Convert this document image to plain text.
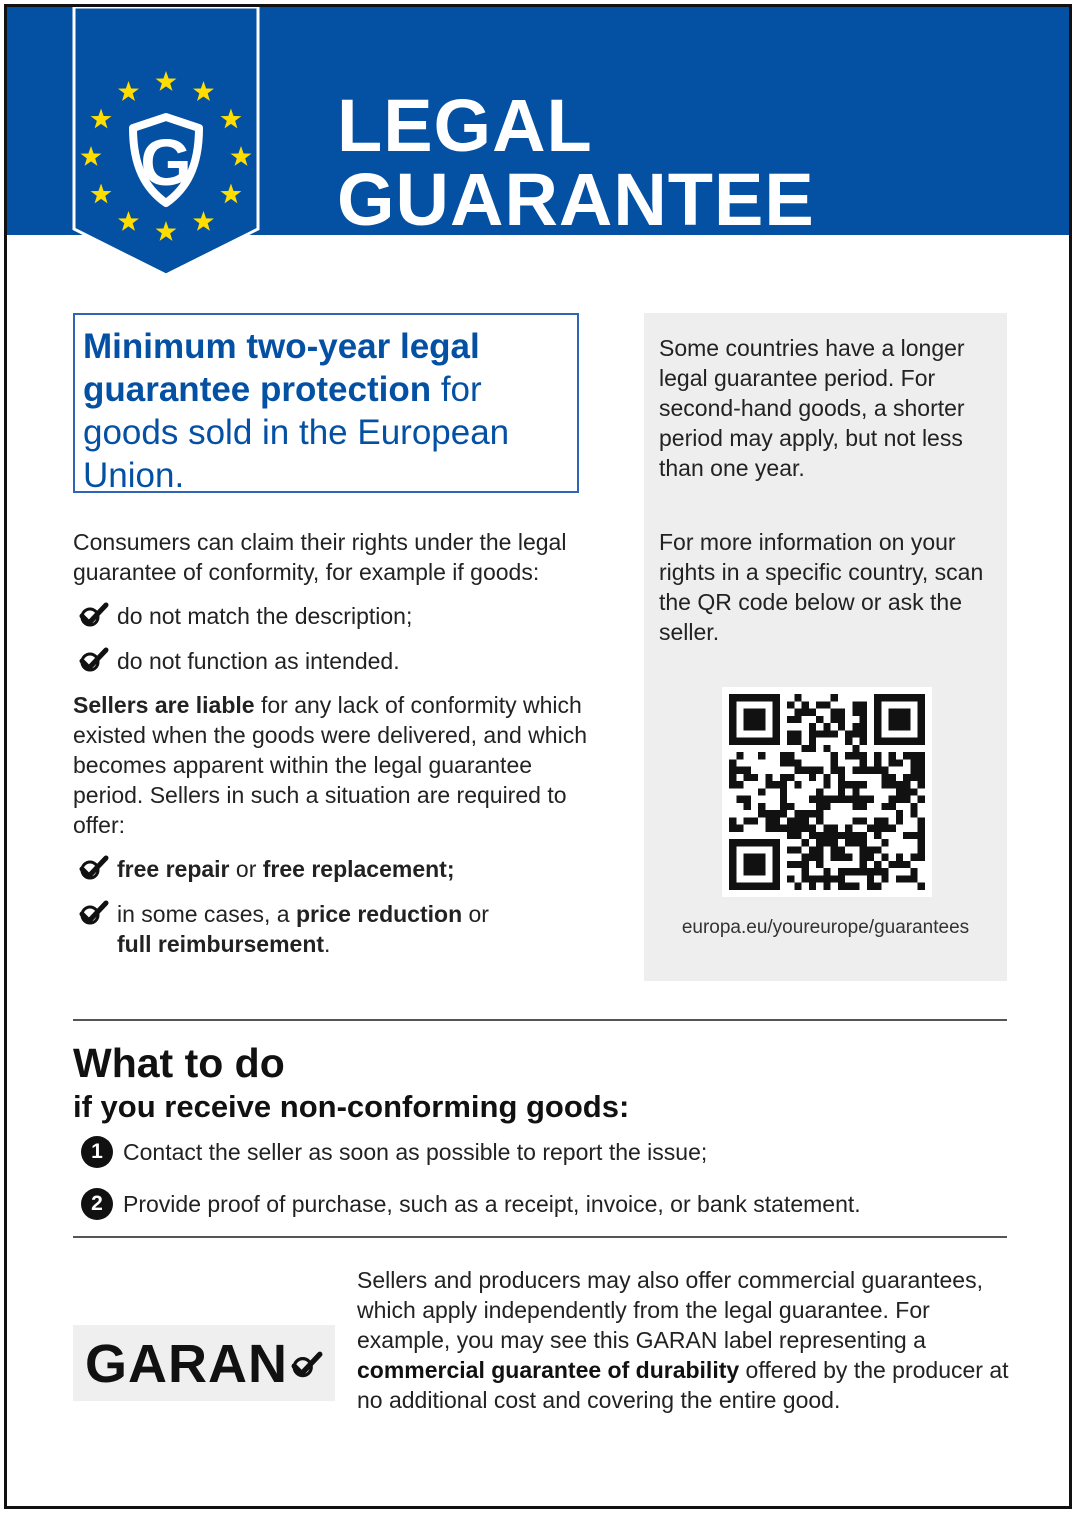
G LEGAL
GUARANTEE
Minimum two-year legal
guarantee protection for
goods sold in the European
Union.

Consumers can claim their rights under the legal guarantee of conformity, for example if goods:

do not match the description;
do not function as intended.

Sellers are liable for any lack of conformity which existed when the goods were delivered, and which becomes apparent within the legal guarantee period. Sellers in such a situation are required to offer:

free repair or free replacement;
in some cases, a price reduction or
full reimbursement.

Some countries have a longer legal guarantee period. For second-hand goods, a shorter period may apply, but not less than one year.

For more information on your rights in a specific country, scan the QR code below or ask the seller.

europa.eu/youreurope/guarantees
What to do
if you receive non-conforming goods:
1 Contact the seller as soon as possible to report the issue;
2 Provide proof of purchase, such as a receipt, invoice, or bank statement.
GARAN

Sellers and producers may also offer commercial guarantees, which apply independently from the legal guarantee. For example, you may see this GARAN label representing a commercial guarantee of durability offered by the producer at no additional cost and covering the entire good.
